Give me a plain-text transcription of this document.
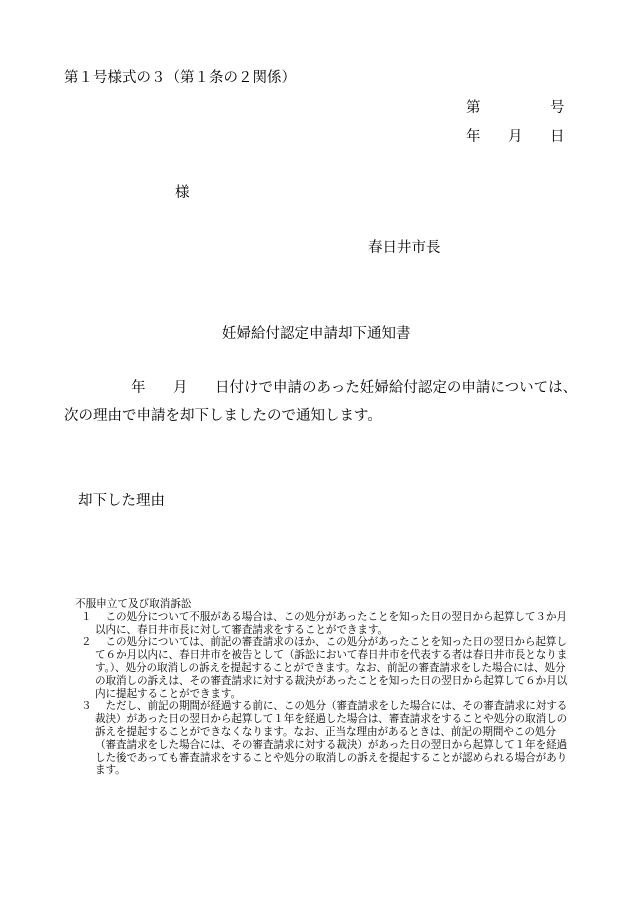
第１号様式の３（第１条の２関係）
第	号
年 月 日
様
春日井市長
妊婦給付認定申請却下通知書
年 月 日付けで申請のあった妊婦給付認定の申請については、
次の理由で申請を却下しましたので通知します。
却下した理由
不服申立て及び取消訴訟
１ 　この処分について不服がある場合は、この処分があったことを知った日の翌日から起算して３か月以内に、春日井市長に対して審査請求をすることができます。
２ 　この処分については、前記の審査請求のほか、この処分があったことを知った日の翌日から起算して６か月以内に、春日井市を被告として（訴訟において春日井市を代表する者は春日井市長となります。）、処分の取消しの訴えを提起することができます。なお、前記の審査請求をした場合には、処分の取消しの訴えは、その審査請求に対する裁決があったことを知った日の翌日から起算して６か月以内に提起することができます。
３ 　ただし、前記の期間が経過する前に、この処分（審査請求をした場合には、その審査請求に対する裁決）があった日の翌日から起算して１年を経過した場合は、審査請求をすることや処分の取消しの訴えを提起することができなくなります。なお、正当な理由があるときは、前記の期間やこの処分（審査請求をした場合には、その審査請求に対する裁決）があった日の翌日から起算して１年を経過した後であっても審査請求をすることや処分の取消しの訴えを提起することが認められる場合があります。
